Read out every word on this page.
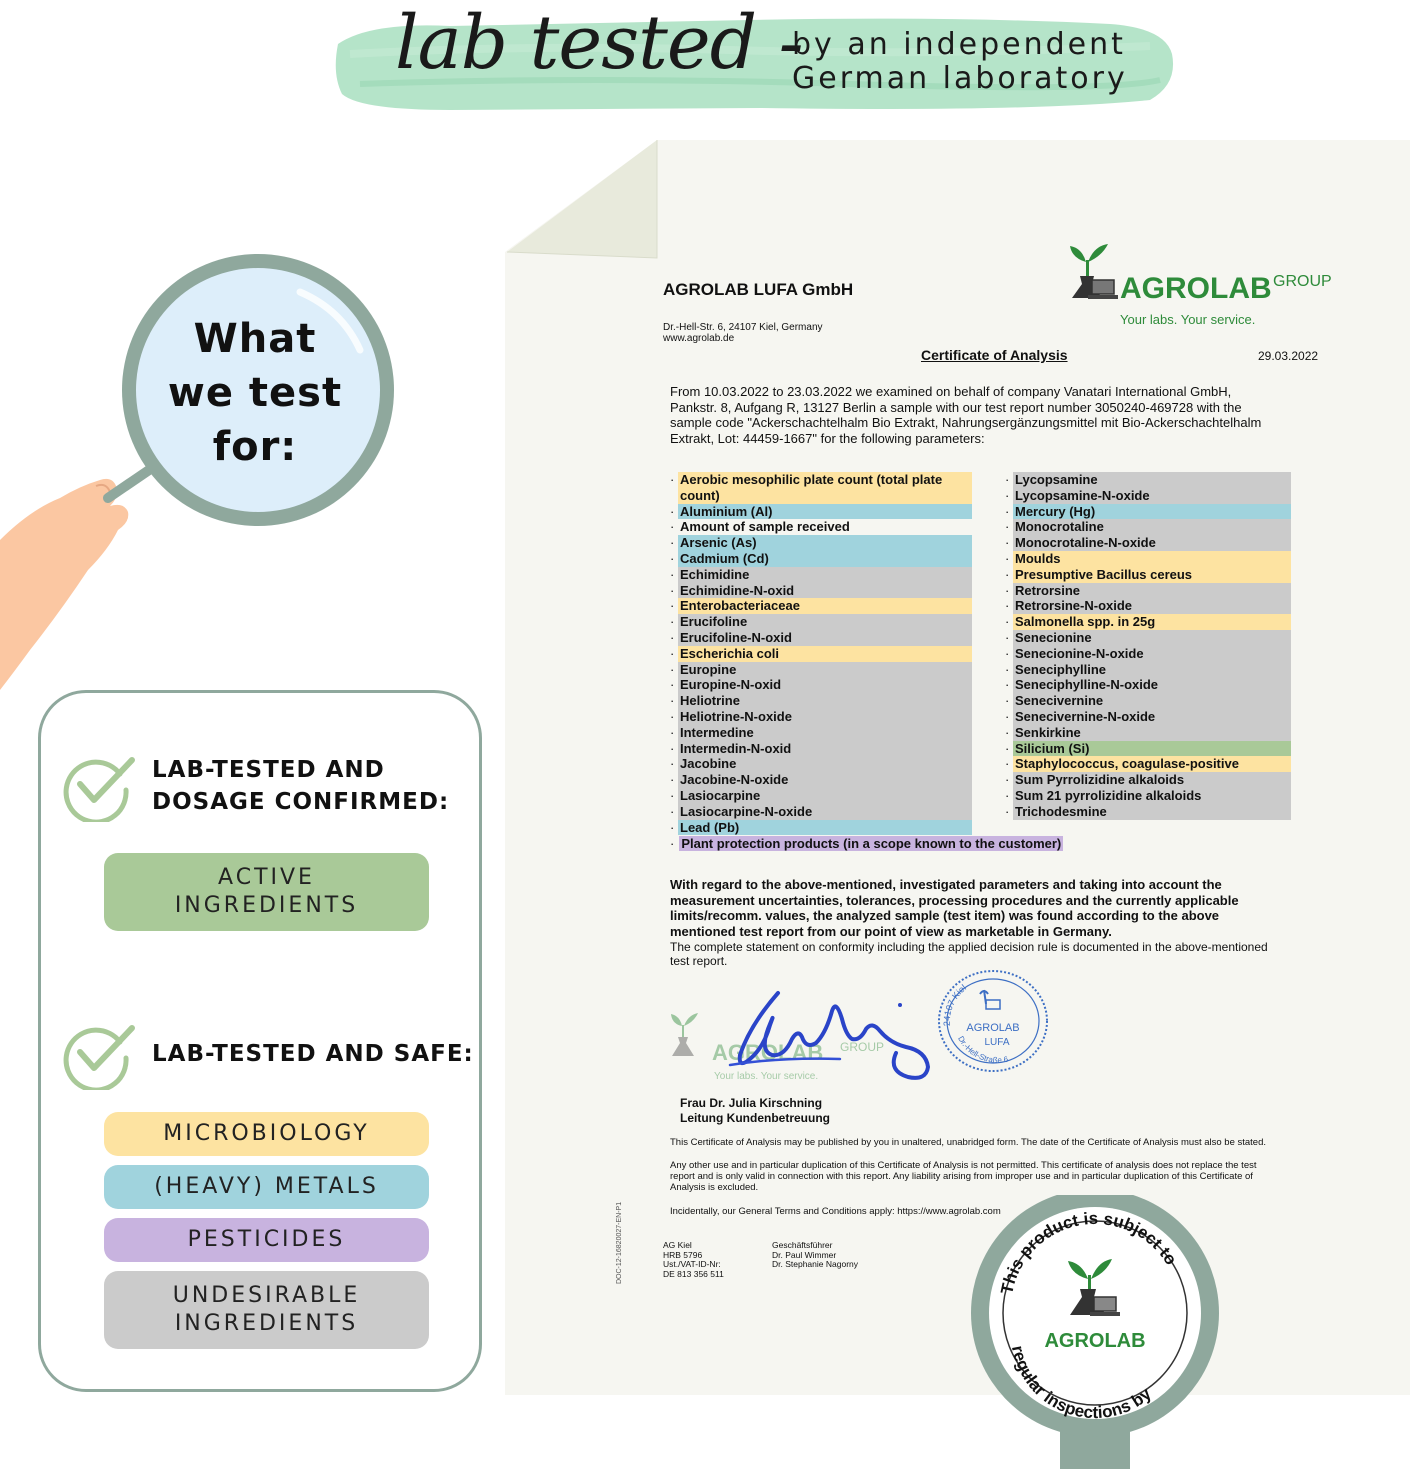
lab tested -
by an independent
German laboratory
AGROLAB LUFA GmbH
Dr.-Hell-Str. 6, 24107 Kiel, Germany
www.agrolab.de
AGROLAB GROUP
Your labs. Your service.
Certificate of Analysis	29.03.2022
From 10.03.2022 to 23.03.2022 we examined on behalf of company Vanatari International GmbH,
Pankstr. 8, Aufgang R, 13127 Berlin a sample with our test report number 3050240-469728 with the
sample code "Ackerschachtelhalm Bio Extrakt, Nahrungsergänzungsmittel mit Bio-Ackerschachtelhalm
Extrakt, Lot: 44459-1667" for the following parameters:
· Aerobic mesophilic plate count (total plate
count)
· Aluminium (Al)
· Amount of sample received
· Arsenic (As)
· Cadmium (Cd)
· Echimidine
· Echimidine-N-oxid
· Enterobacteriaceae
· Erucifoline
· Erucifoline-N-oxid
· Escherichia coli
· Europine
· Europine-N-oxid
· Heliotrine
· Heliotrine-N-oxide
· Intermedine
· Intermedin-N-oxid
· Jacobine
· Jacobine-N-oxide
· Lasiocarpine
· Lasiocarpine-N-oxide
· Lead (Pb)
· Lycopsamine
· Lycopsamine-N-oxide
· Mercury (Hg)
· Monocrotaline
· Monocrotaline-N-oxide
· Moulds
· Presumptive Bacillus cereus
· Retrorsine
· Retrorsine-N-oxide
· Salmonella spp. in 25g
· Senecionine
· Senecionine-N-oxide
· Seneciphylline
· Seneciphylline-N-oxide
· Senecivernine
· Senecivernine-N-oxide
· Senkirkine
· Silicium (Si)
· Staphylococcus, coagulase-positive
· Sum Pyrrolizidine alkaloids
· Sum 21 pyrrolizidine alkaloids
· Trichodesmine
· Plant protection products (in a scope known to the customer)
With regard to the above-mentioned, investigated parameters and taking into account the
measurement uncertainties, tolerances, processing procedures and the currently applicable
limits/recomm. values, the analyzed sample (test item) was found according to the above
mentioned test report from our point of view as marketable in Germany.
The complete statement on conformity including the applied decision rule is documented in the above-mentioned
test report.
AGROLAB GROUP
Your labs. Your service.
24107 Kiel
Dr.-Hell-Straße 6
AGROLAB
LUFA
Frau Dr. Julia Kirschning
Leitung Kundenbetreuung
This Certificate of Analysis may be published by you in unaltered, unabridged form. The date of the Certificate of Analysis must also be stated.
Any other use and in particular duplication of this Certificate of Analysis is not permitted. This certificate of analysis does not replace the test
report and is only valid in connection with this report. Any liability arising from improper use and in particular duplication of this Certificate of
Analysis is excluded.
Incidentally, our General Terms and Conditions apply: https://www.agrolab.com
AG Kiel
HRB 5796
Ust./VAT-ID-Nr:
DE 813 356 511
Geschäftsführer
Dr. Paul Wimmer
Dr. Stephanie Nagorny
DOC-12-16820027-EN-P1
What
we test
for:
LAB-TESTED AND
DOSAGE CONFIRMED:
ACTIVE
INGREDIENTS
LAB-TESTED AND SAFE:
MICROBIOLOGY
(HEAVY) METALS
PESTICIDES
UNDESIRABLE
INGREDIENTS
This product is subject to
regular inspections by
AGROLAB
